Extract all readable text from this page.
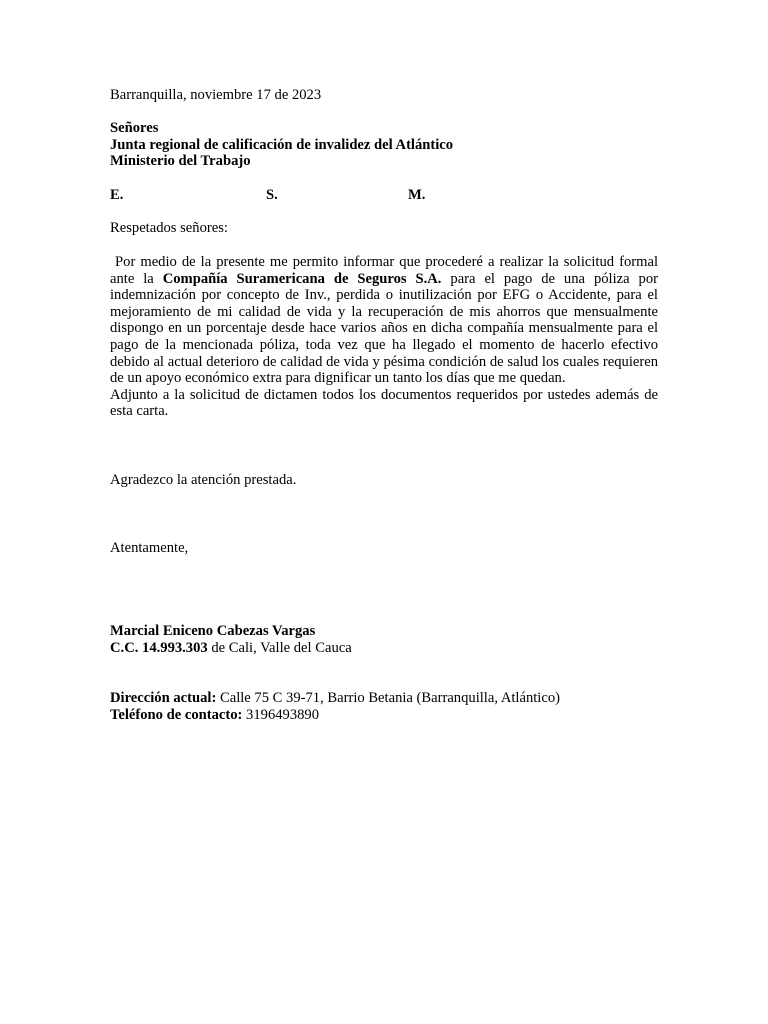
Barranquilla, noviembre 17 de 2023

Señores
Junta regional de calificación de invalidez del Atlántico
Ministerio del Trabajo
E.	S.	M.

Respetados señores:

Por medio de la presente me permito informar que procederé a realizar la solicitud formal ante la Compañía Suramericana de Seguros S.A. para el pago de una póliza por indemnización por concepto de Inv., perdida o inutilización por EFG o Accidente, para el mejoramiento de mi calidad de vida y la recuperación de mis ahorros que mensualmente dispongo en un porcentaje desde hace varios años en dicha compañía mensualmente para el pago de la mencionada póliza, toda vez que ha llegado el momento de hacerlo efectivo debido al actual deterioro de calidad de vida y pésima condición de salud los cuales requieren de un apoyo económico extra para dignificar un tanto los días que me quedan.
Adjunto a la solicitud de dictamen todos los documentos requeridos por ustedes además de esta carta.

Agradezco la atención prestada.

Atentamente,

Marcial Eniceno Cabezas Vargas
C.C. 14.993.303 de Cali, Valle del Cauca
Dirección actual: Calle 75 C 39-71, Barrio Betania (Barranquilla, Atlántico)
Teléfono de contacto: 3196493890
